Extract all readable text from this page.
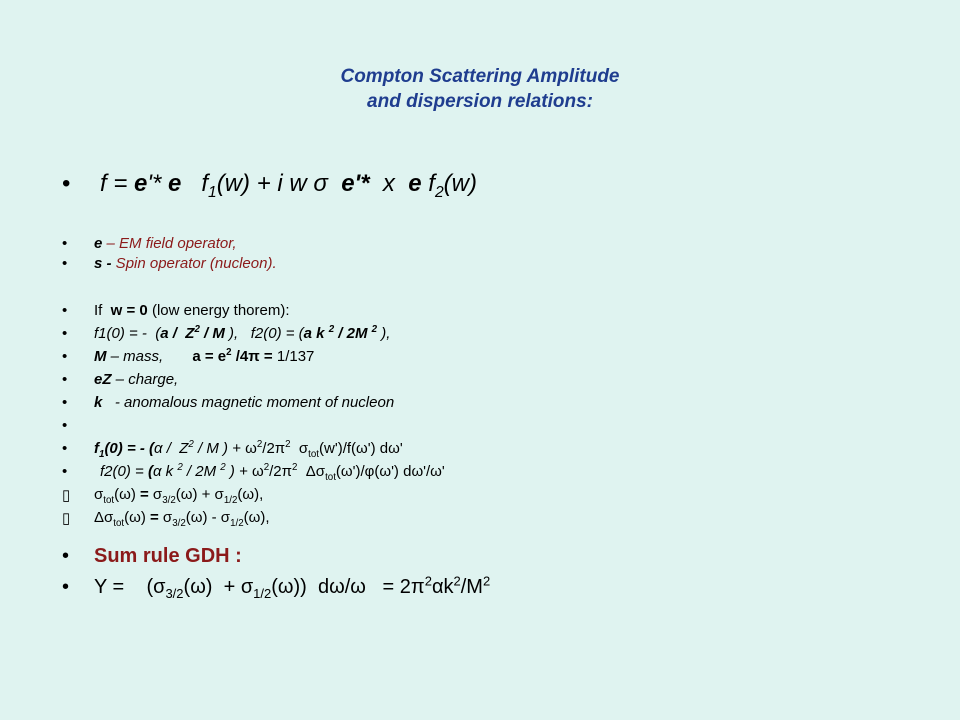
Compton Scattering Amplitude
and dispersion relations:
• f = e'* e   $f_1(w) + i$ w σ  e'*  x  e $f_2(w)$
• e – EM field operator,
• s - Spin operator (nucleon).
• If  w = 0 (low energy thorem):
• f1(0) = -  ($a / Z^2$ / M ),   f2(0) = (a k $^2$ / 2M $^2$ ),
• M – mass,       $a = e^2$ /4π = 1/137
• eZ – charge,
• k   - anomalous magnetic moment of nucleon
•
• $f_1(0)$ = - ($\alpha / Z^2$ / M ) + $\omega^2/2\pi^2$  $\sigma_{tot}(w')/f(\omega')$ dω'
• f2(0) = (α k $^2$ / 2M $^2$ ) + $\omega^2/2\pi^2$  $\Delta\sigma_{tot}(\omega')/\varphi(\omega')$ dω'/ω'
▯ $\sigma_{tot}(\omega) = \sigma_{3/2}(\omega) + \sigma_{1/2}(\omega)$,
▯ $\Delta\sigma_{tot}(\omega) = \sigma_{3/2}(\omega) - \sigma_{1/2}(\omega)$,
• Sum rule GDH :
• Y =    $(\sigma_{3/2}(\omega) + \sigma_{1/2}(\omega)) d\omega/\omega = 2\pi^2\alpha k^2/M^2$
